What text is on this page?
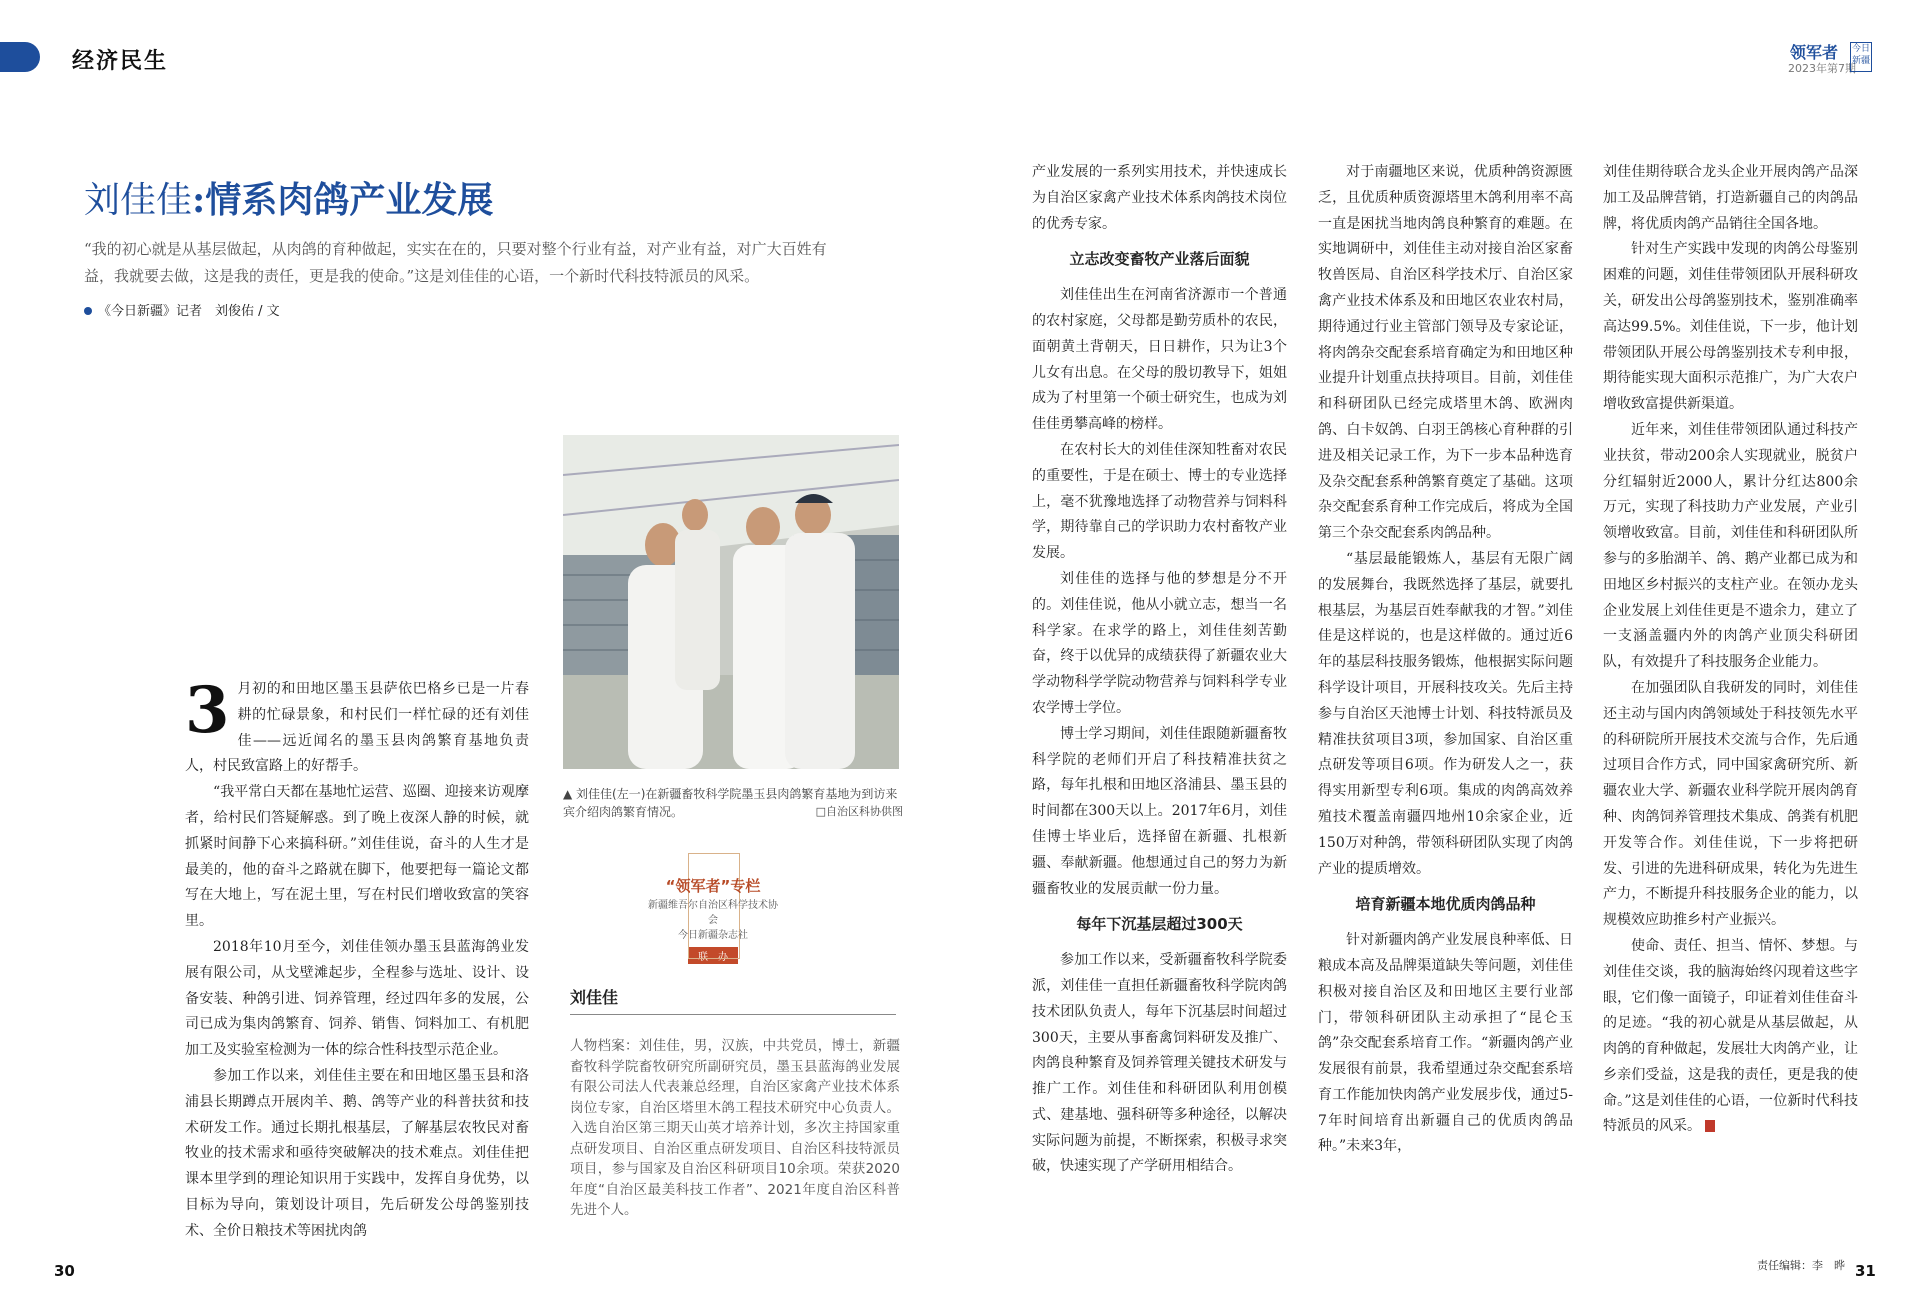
经济民生	领军者
2023年第7期
今日新疆
刘佳佳:情系肉鸽产业发展
“我的初心就是从基层做起，从肉鸽的育种做起，实实在在的，只要对整个行业有益，对产业有益，对广大百姓有益，我就要去做，这是我的责任，更是我的使命。”这是刘佳佳的心语，一个新时代科技特派员的风采。
《今日新疆》记者　刘俊佑 / 文
▲ 刘佳佳(左一)在新疆畜牧科学院墨玉县肉鸽繁育基地为到访来宾介绍肉鸽繁育情况。	□自治区科协供图
“领军者”专栏
新疆维吾尔自治区科学技术协会
今日新疆杂志社
联　办
刘佳佳
人物档案：刘佳佳，男，汉族，中共党员，博士，新疆畜牧科学院畜牧研究所副研究员，墨玉县蓝海鸽业发展有限公司法人代表兼总经理，自治区家禽产业技术体系岗位专家，自治区塔里木鸽工程技术研究中心负责人。入选自治区第三期天山英才培养计划，多次主持国家重点研发项目、自治区重点研发项目、自治区科技特派员项目，参与国家及自治区科研项目10余项。荣获2020年度“自治区最美科技工作者”、2021年度自治区科普先进个人。

3 月初的和田地区墨玉县萨依巴格乡已是一片春耕的忙碌景象，和村民们一样忙碌的还有刘佳佳——远近闻名的墨玉县肉鸽繁育基地负责人，村民致富路上的好帮手。

“我平常白天都在基地忙运营、巡圈、迎接来访观摩者，给村民们答疑解惑。到了晚上夜深人静的时候，就抓紧时间静下心来搞科研。”刘佳佳说，奋斗的人生才是最美的，他的奋斗之路就在脚下，他要把每一篇论文都写在大地上，写在泥土里，写在村民们增收致富的笑容里。

2018年10月至今，刘佳佳领办墨玉县蓝海鸽业发展有限公司，从戈壁滩起步，全程参与选址、设计、设备安装、种鸽引进、饲养管理，经过四年多的发展，公司已成为集肉鸽繁育、饲养、销售、饲料加工、有机肥加工及实验室检测为一体的综合性科技型示范企业。

参加工作以来，刘佳佳主要在和田地区墨玉县和洛浦县长期蹲点开展肉羊、鹅、鸽等产业的科普扶贫和技术研发工作。通过长期扎根基层，了解基层农牧民对畜牧业的技术需求和亟待突破解决的技术难点。刘佳佳把课本里学到的理论知识用于实践中，发挥自身优势，以目标为导向，策划设计项目，先后研发公母鸽鉴别技术、全价日粮技术等困扰肉鸽

产业发展的一系列实用技术，并快速成长为自治区家禽产业技术体系肉鸽技术岗位的优秀专家。

立志改变畜牧产业落后面貌

刘佳佳出生在河南省济源市一个普通的农村家庭，父母都是勤劳质朴的农民，面朝黄土背朝天，日日耕作，只为让3个儿女有出息。在父母的殷切教导下，姐姐成为了村里第一个硕士研究生，也成为刘佳佳勇攀高峰的榜样。

在农村长大的刘佳佳深知牲畜对农民的重要性，于是在硕士、博士的专业选择上，毫不犹豫地选择了动物营养与饲料科学，期待靠自己的学识助力农村畜牧产业发展。

刘佳佳的选择与他的梦想是分不开的。刘佳佳说，他从小就立志，想当一名科学家。在求学的路上，刘佳佳刻苦勤奋，终于以优异的成绩获得了新疆农业大学动物科学学院动物营养与饲料科学专业农学博士学位。

博士学习期间，刘佳佳跟随新疆畜牧科学院的老师们开启了科技精准扶贫之路，每年扎根和田地区洛浦县、墨玉县的时间都在300天以上。2017年6月，刘佳佳博士毕业后，选择留在新疆、扎根新疆、奉献新疆。他想通过自己的努力为新疆畜牧业的发展贡献一份力量。

每年下沉基层超过300天

参加工作以来，受新疆畜牧科学院委派，刘佳佳一直担任新疆畜牧科学院肉鸽技术团队负责人，每年下沉基层时间超过300天，主要从事畜禽饲料研发及推广、肉鸽良种繁育及饲养管理关键技术研发与推广工作。刘佳佳和科研团队利用创模式、建基地、强科研等多种途径，以解决实际问题为前提，不断探索，积极寻求突破，快速实现了产学研用相结合。

对于南疆地区来说，优质种鸽资源匮乏，且优质种质资源塔里木鸽利用率不高一直是困扰当地肉鸽良种繁育的难题。在实地调研中，刘佳佳主动对接自治区家畜牧兽医局、自治区科学技术厅、自治区家禽产业技术体系及和田地区农业农村局，期待通过行业主管部门领导及专家论证，将肉鸽杂交配套系培育确定为和田地区种业提升计划重点扶持项目。目前，刘佳佳和科研团队已经完成塔里木鸽、欧洲肉鸽、白卡奴鸽、白羽王鸽核心育种群的引进及相关记录工作，为下一步本品种选育及杂交配套系种鸽繁育奠定了基础。这项杂交配套系育种工作完成后，将成为全国第三个杂交配套系肉鸽品种。

“基层最能锻炼人，基层有无限广阔的发展舞台，我既然选择了基层，就要扎根基层，为基层百姓奉献我的才智。”刘佳佳是这样说的，也是这样做的。通过近6年的基层科技服务锻炼，他根据实际问题科学设计项目，开展科技攻关。先后主持参与自治区天池博士计划、科技特派员及精准扶贫项目3项，参加国家、自治区重点研发等项目6项。作为研发人之一，获得实用新型专利6项。集成的肉鸽高效养殖技术覆盖南疆四地州10余家企业，近150万对种鸽，带领科研团队实现了肉鸽产业的提质增效。

培育新疆本地优质肉鸽品种

针对新疆肉鸽产业发展良种率低、日粮成本高及品牌渠道缺失等问题，刘佳佳积极对接自治区及和田地区主要行业部门，带领科研团队主动承担了“昆仑玉鸽”杂交配套系培育工作。“新疆肉鸽产业发展很有前景，我希望通过杂交配套系培育工作能加快肉鸽产业发展步伐，通过5-7年时间培育出新疆自己的优质肉鸽品种。”未来3年，

刘佳佳期待联合龙头企业开展肉鸽产品深加工及品牌营销，打造新疆自己的肉鸽品牌，将优质肉鸽产品销往全国各地。

针对生产实践中发现的肉鸽公母鉴别困难的问题，刘佳佳带领团队开展科研攻关，研发出公母鸽鉴别技术，鉴别准确率高达99.5%。刘佳佳说，下一步，他计划带领团队开展公母鸽鉴别技术专利申报，期待能实现大面积示范推广，为广大农户增收致富提供新渠道。

近年来，刘佳佳带领团队通过科技产业扶贫，带动200余人实现就业，脱贫户分红辐射近2000人，累计分红达800余万元，实现了科技助力产业发展，产业引领增收致富。目前，刘佳佳和科研团队所参与的多胎湖羊、鸽、鹅产业都已成为和田地区乡村振兴的支柱产业。在领办龙头企业发展上刘佳佳更是不遗余力，建立了一支涵盖疆内外的肉鸽产业顶尖科研团队，有效提升了科技服务企业能力。

在加强团队自我研发的同时，刘佳佳还主动与国内肉鸽领域处于科技领先水平的科研院所开展技术交流与合作，先后通过项目合作方式，同中国家禽研究所、新疆农业大学、新疆农业科学院开展肉鸽育种、肉鸽饲养管理技术集成、鸽粪有机肥开发等合作。刘佳佳说，下一步将把研发、引进的先进科研成果，转化为先进生产力，不断提升科技服务企业的能力，以规模效应助推乡村产业振兴。

使命、责任、担当、情怀、梦想。与刘佳佳交谈，我的脑海始终闪现着这些字眼，它们像一面镜子，印证着刘佳佳奋斗的足迹。“我的初心就是从基层做起，从肉鸽的育种做起，发展壮大肉鸽产业，让乡亲们受益，这是我的责任，更是我的使命。”这是刘佳佳的心语，一位新时代科技特派员的风采。

30	31
责任编辑：李　晔
